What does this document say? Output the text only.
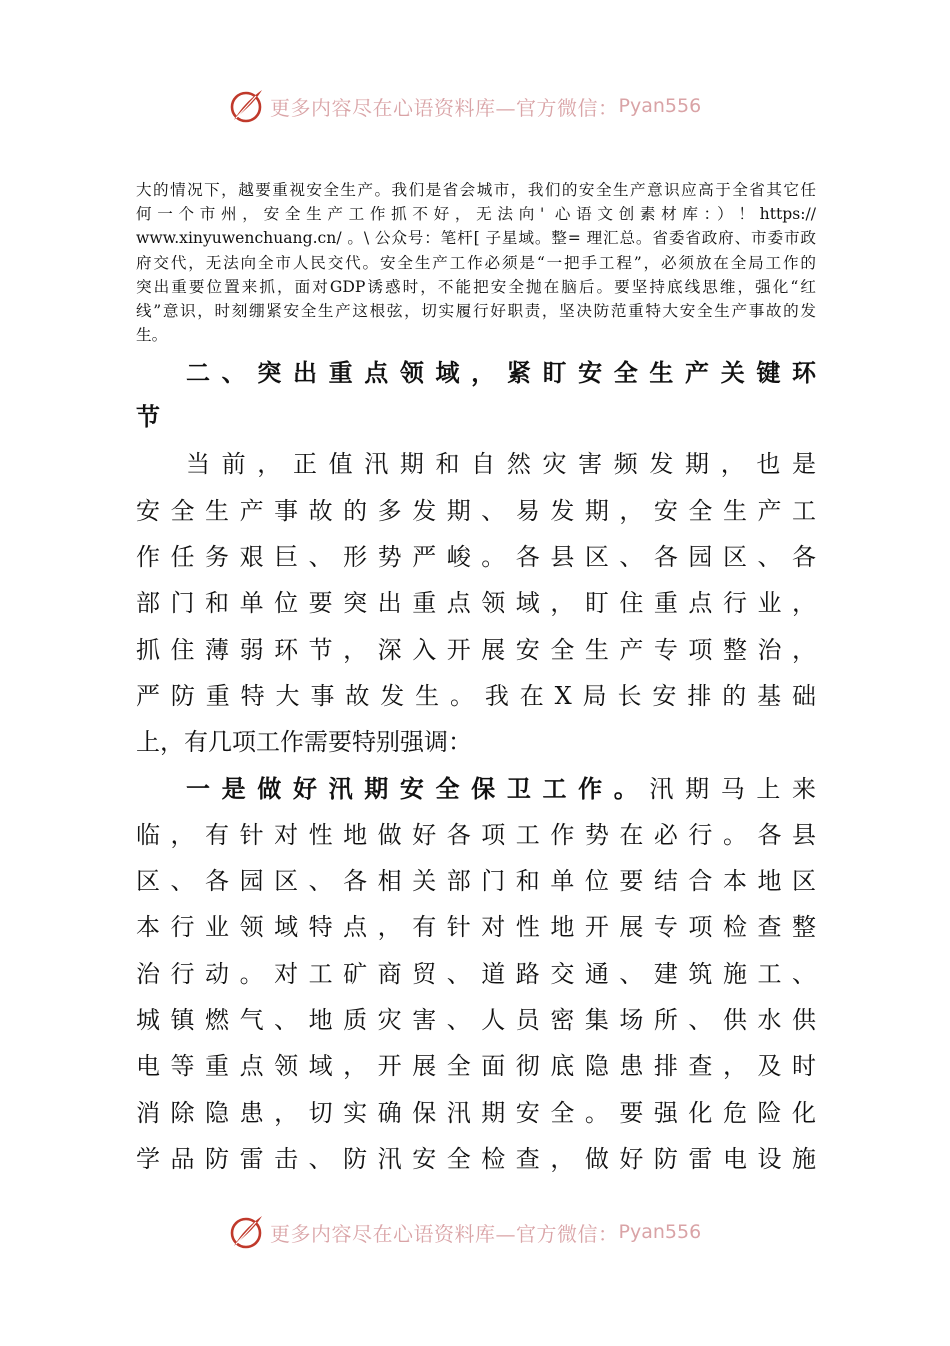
更多内容尽在心语资料库—官方微信： Pyan556

大的情况下，越要重视安全生产。我们是省会城市，我们的安全生产意识应高于全省其它任
何一个市州，安全生产工作抓不好，无法向' 心语文创素材库：）！https://
www.xinyuwenchuang.cn/ 。\ 公众号：笔杆[ 子星域。整= 理汇总。省委省政府、市委市政
府交代，无法向全市人民交代。安全生产工作必须是“一把手工程”，必须放在全局工作的
突出重要位置来抓，面对GDP诱惑时，不能把安全抛在脑后。要坚持底线思维，强化“红
线”意识，时刻绷紧安全生产这根弦，切实履行好职责，坚决防范重特大安全生产事故的发
生。

二、突出重点领域，紧盯安全生产关键环
节

当前，正值汛期和自然灾害频发期，也是
安全生产事故的多发期、易发期，安全生产工
作任务艰巨、形势严峻。各县区、各园区、各
部门和单位要突出重点领域，盯住重点行业，
抓住薄弱环节，深入开展安全生产专项整治，
严防重特大事故发生。我在X局长安排的基础
上，有几项工作需要特别强调：

一是做好汛期安全保卫工作。汛期马上来
临，有针对性地做好各项工作势在必行。各县
区、各园区、各相关部门和单位要结合本地区
本行业领域特点，有针对性地开展专项检查整
治行动。对工矿商贸、道路交通、建筑施工、
城镇燃气、地质灾害、人员密集场所、供水供
电等重点领域，开展全面彻底隐患排查，及时
消除隐患，切实确保汛期安全。要强化危险化
学品防雷击、防汛安全检查，做好防雷电设施

更多内容尽在心语资料库—官方微信： Pyan556
